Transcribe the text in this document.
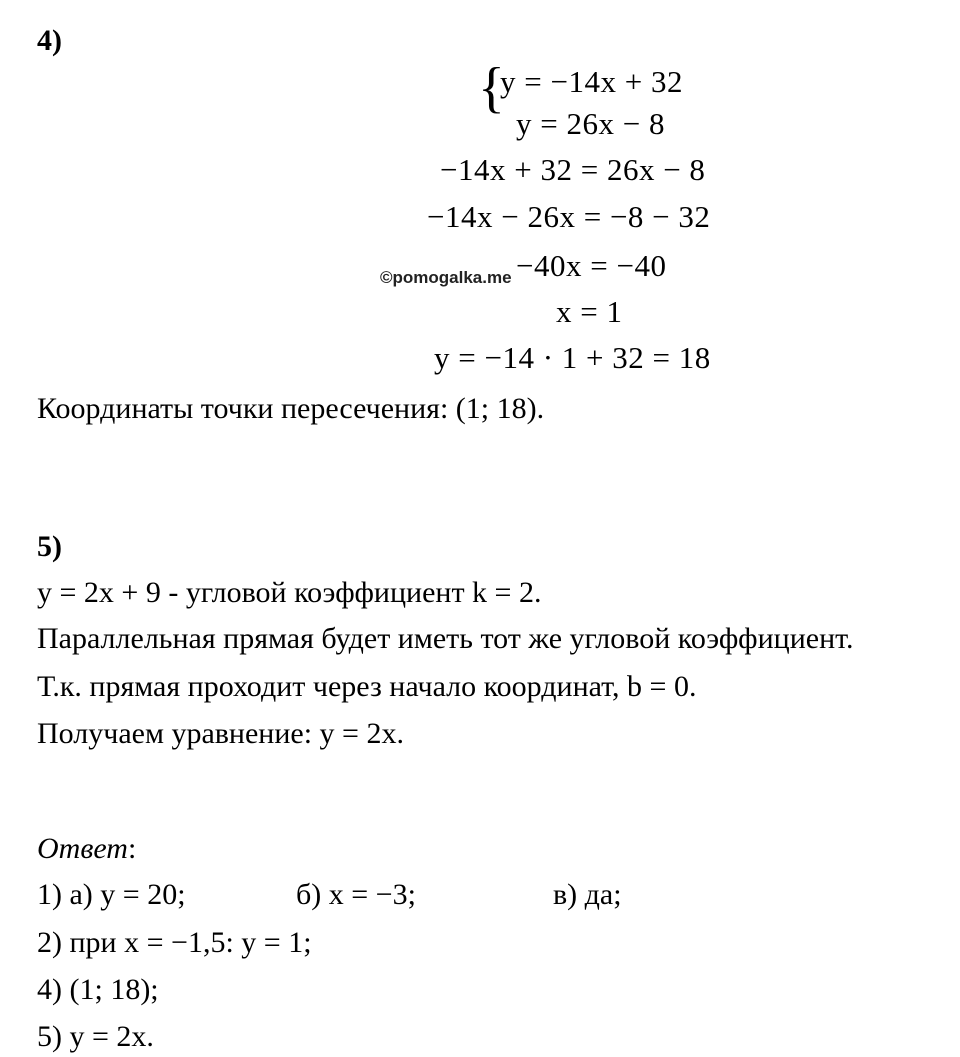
4)
{
y = −14x + 32
y = 26x − 8
−14x + 32 = 26x − 8
−14x − 26x = −8 − 32
−40x = −40
x = 1
y = −14 · 1 + 32 = 18
©pomogalka.me
Координаты точки пересечения: (1; 18).
5)
y = 2x + 9 - угловой коэффициент k = 2.
Параллельная прямая будет иметь тот же угловой коэффициент.
Т.к. прямая проходит через начало координат, b = 0.
Получаем уравнение: y = 2x.
Ответ:
1) а) y = 20;	б) x = −3;	в) да;
2) при x = −1,5: y = 1;
4) (1; 18);
5) y = 2x.
